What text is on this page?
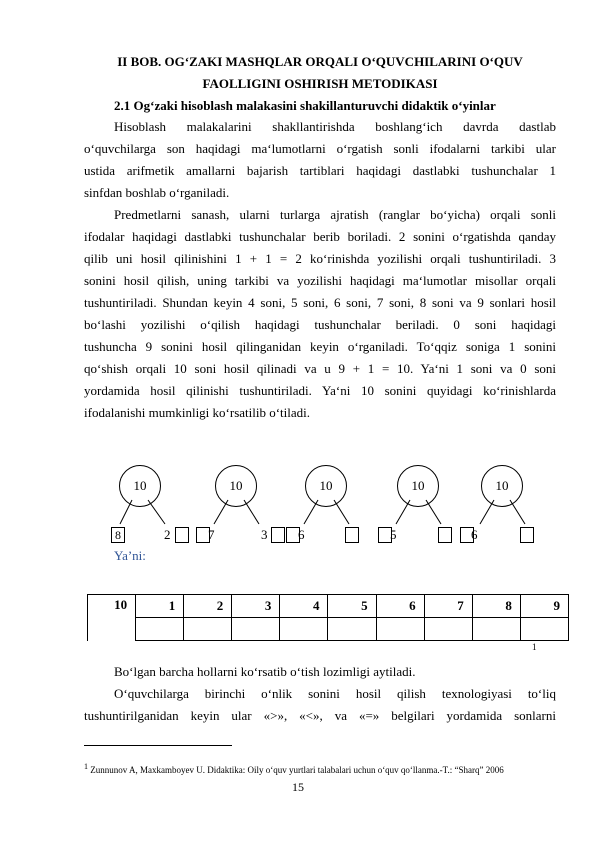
II BOB. OG‘ZAKI MASHQLAR ORQALI O‘QUVCHILARINI O‘QUV
FAOLLIGINI OSHIRISH METODIKASI
2.1 Og‘zaki hisoblash malakasini shakillanturuvchi didaktik o‘yinlar
Hisoblash malakalarini shakllantirishda boshlang‘ich davrda dastlab
o‘quvchilarga son haqidagi ma‘lumotlarni o‘rgatish sonli ifodalarni tarkibi ular
ustida arifmetik amallarni bajarish tartiblari haqidagi dastlabki tushunchalar 1
sinfdan boshlab o‘rganiladi.
Predmetlarni sanash, ularni turlarga ajratish (ranglar bo‘yicha) orqali sonli
ifodalar haqidagi dastlabki tushunchalar berib boriladi. 2 sonini o‘rgatishda qanday
qilib uni hosil qilinishini 1 + 1 = 2 ko‘rinishda yozilishi orqali tushuntiriladi. 3
sonini hosil qilish, uning tarkibi va yozilishi haqidagi ma‘lumotlar misollar orqali
tushuntiriladi. Shundan keyin 4 soni, 5 soni, 6 soni, 7 soni, 8 soni va 9 sonlari hosil
bo‘lashi yozilishi o‘qilish haqidagi tushunchalar beriladi. 0 soni haqidagi
tushuncha 9 sonini hosil qilinganidan keyin o‘rganiladi. To‘qqiz soniga 1 sonini
qo‘shish orqali 10 soni hosil qilinadi va u 9 + 1 = 10. Ya‘ni 1 soni va 0 soni
yordamida hosil qilinishi tushuntiriladi. Ya‘ni 10 sonini quyidagi ko‘rinishlarda
ifodalanishi mumkinligi ko‘rsatilib o‘tiladi.
10
8	2
10
7	3
10
6
10
5
10
6
Ya’ni:
10	1	2	3	4	5	6	7	8	9

1
Bo‘lgan barcha hollarni ko‘rsatib o‘tish lozimligi aytiladi.
O‘quvchilarga birinchi o‘nlik sonini hosil qilish texnologiyasi to‘liq
tushuntirilganidan keyin ular «>», «<», va «=» belgilari yordamida sonlarni
$^1$ Zunnunov A, Maxkamboyev U. Didaktika: Oily o‘quv yurtlari talabalari uchun o‘quv qo‘llanma.-T.: “Sharq” 2006
15
